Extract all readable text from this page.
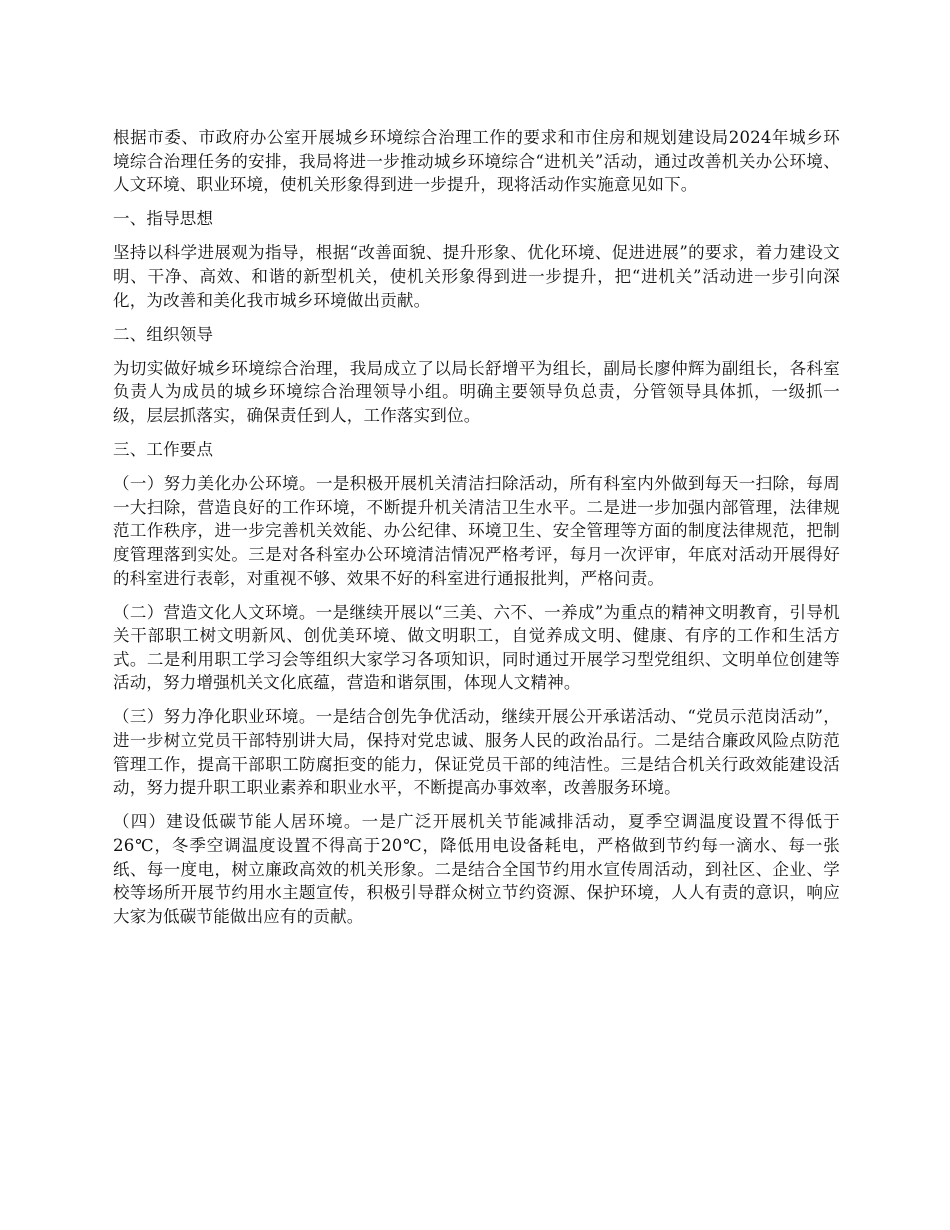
根据市委、市政府办公室开展城乡环境综合治理工作的要求和市住房和规划建设局2024年城乡环境综合治理任务的安排，我局将进一步推动城乡环境综合“进机关”活动，通过改善机关办公环境、人文环境、职业环境，使机关形象得到进一步提升，现将活动作实施意见如下。

一、指导思想

坚持以科学进展观为指导，根据“改善面貌、提升形象、优化环境、促进进展”的要求，着力建设文明、干净、高效、和谐的新型机关，使机关形象得到进一步提升，把“进机关”活动进一步引向深化，为改善和美化我市城乡环境做出贡献。

二、组织领导

为切实做好城乡环境综合治理，我局成立了以局长舒增平为组长，副局长廖仲辉为副组长，各科室负责人为成员的城乡环境综合治理领导小组。明确主要领导负总责，分管领导具体抓，一级抓一级，层层抓落实，确保责任到人，工作落实到位。

三、工作要点

（一）努力美化办公环境。一是积极开展机关清洁扫除活动，所有科室内外做到每天一扫除，每周一大扫除，营造良好的工作环境，不断提升机关清洁卫生水平。二是进一步加强内部管理，法律规范工作秩序，进一步完善机关效能、办公纪律、环境卫生、安全管理等方面的制度法律规范，把制度管理落到实处。三是对各科室办公环境清洁情况严格考评，每月一次评审，年底对活动开展得好的科室进行表彰，对重视不够、效果不好的科室进行通报批判，严格问责。

（二）营造文化人文环境。一是继续开展以“三美、六不、一养成”为重点的精神文明教育，引导机关干部职工树文明新风、创优美环境、做文明职工，自觉养成文明、健康、有序的工作和生活方式。二是利用职工学习会等组织大家学习各项知识，同时通过开展学习型党组织、文明单位创建等活动，努力增强机关文化底蕴，营造和谐氛围，体现人文精神。

（三）努力净化职业环境。一是结合创先争优活动，继续开展公开承诺活动、“党员示范岗活动”，进一步树立党员干部特别讲大局，保持对党忠诚、服务人民的政治品行。二是结合廉政风险点防范管理工作，提高干部职工防腐拒变的能力，保证党员干部的纯洁性。三是结合机关行政效能建设活动，努力提升职工职业素养和职业水平，不断提高办事效率，改善服务环境。

（四）建设低碳节能人居环境。一是广泛开展机关节能减排活动，夏季空调温度设置不得低于26℃，冬季空调温度设置不得高于20℃，降低用电设备耗电，严格做到节约每一滴水、每一张纸、每一度电，树立廉政高效的机关形象。二是结合全国节约用水宣传周活动，到社区、企业、学校等场所开展节约用水主题宣传，积极引导群众树立节约资源、保护环境，人人有责的意识，响应大家为低碳节能做出应有的贡献。
